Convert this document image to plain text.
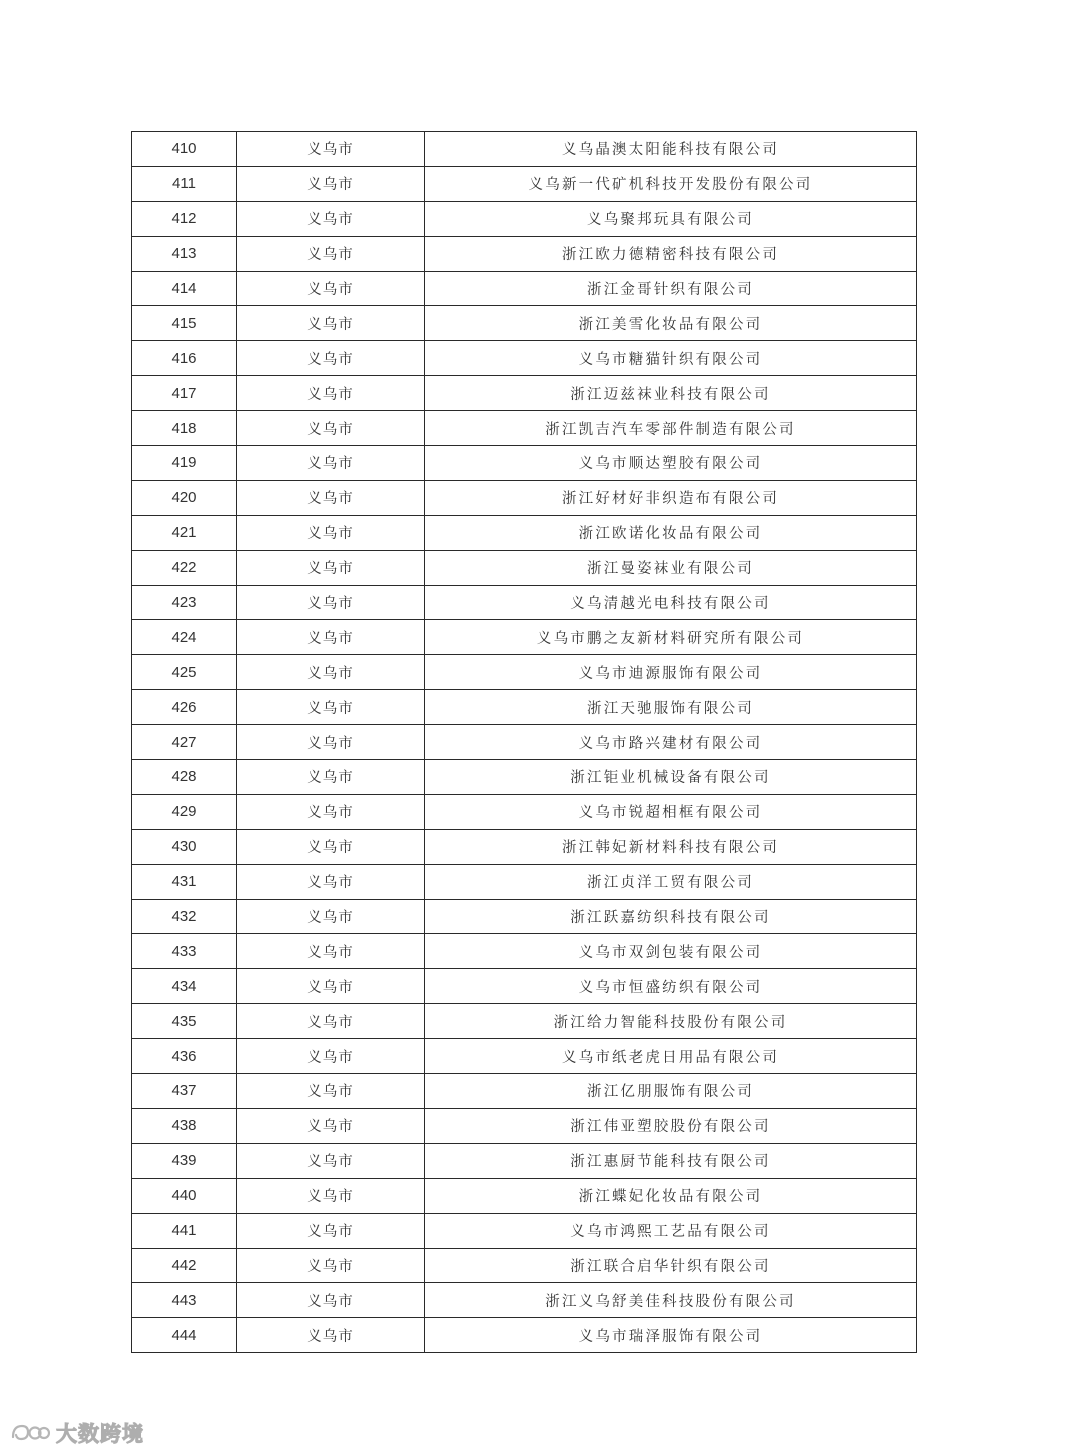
410	义乌市	义乌晶澳太阳能科技有限公司
411	义乌市	义乌新一代矿机科技开发股份有限公司
412	义乌市	义乌聚邦玩具有限公司
413	义乌市	浙江欧力德精密科技有限公司
414	义乌市	浙江金哥针织有限公司
415	义乌市	浙江美雪化妆品有限公司
416	义乌市	义乌市糖猫针织有限公司
417	义乌市	浙江迈兹袜业科技有限公司
418	义乌市	浙江凯吉汽车零部件制造有限公司
419	义乌市	义乌市顺达塑胶有限公司
420	义乌市	浙江好材好非织造布有限公司
421	义乌市	浙江欧诺化妆品有限公司
422	义乌市	浙江曼姿袜业有限公司
423	义乌市	义乌清越光电科技有限公司
424	义乌市	义乌市鹏之友新材料研究所有限公司
425	义乌市	义乌市迪源服饰有限公司
426	义乌市	浙江天驰服饰有限公司
427	义乌市	义乌市路兴建材有限公司
428	义乌市	浙江钜业机械设备有限公司
429	义乌市	义乌市锐超相框有限公司
430	义乌市	浙江韩妃新材料科技有限公司
431	义乌市	浙江贞洋工贸有限公司
432	义乌市	浙江跃嘉纺织科技有限公司
433	义乌市	义乌市双剑包装有限公司
434	义乌市	义乌市恒盛纺织有限公司
435	义乌市	浙江给力智能科技股份有限公司
436	义乌市	义乌市纸老虎日用品有限公司
437	义乌市	浙江亿朋服饰有限公司
438	义乌市	浙江伟亚塑胶股份有限公司
439	义乌市	浙江惠厨节能科技有限公司
440	义乌市	浙江蝶妃化妆品有限公司
441	义乌市	义乌市鸿熙工艺品有限公司
442	义乌市	浙江联合启华针织有限公司
443	义乌市	浙江义乌舒美佳科技股份有限公司
444	义乌市	义乌市瑞泽服饰有限公司
大数跨境
